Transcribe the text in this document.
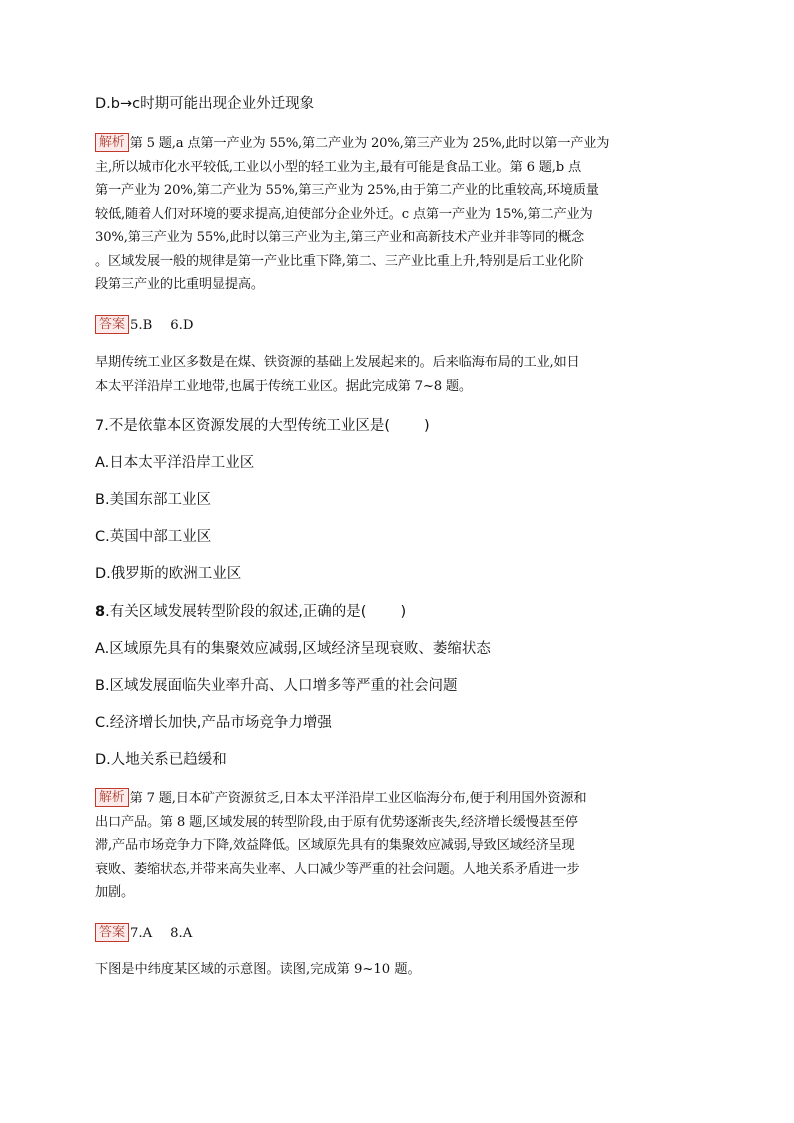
D.b→c时期可能出现企业外迁现象

解析 第 5 题,a 点第一产业为 55%,第二产业为 20%,第三产业为 25%,此时以第一产业为
主,所以城市化水平较低,工业以小型的轻工业为主,最有可能是食品工业。第 6 题,b 点
第一产业为 20%,第二产业为 55%,第三产业为 25%,由于第二产业的比重较高,环境质量
较低,随着人们对环境的要求提高,迫使部分企业外迁。c 点第一产业为 15%,第二产业为
30%,第三产业为 55%,此时以第三产业为主,第三产业和高新技术产业并非等同的概念
。区域发展一般的规律是第一产业比重下降,第二、三产业比重上升,特别是后工业化阶
段第三产业的比重明显提高。

答案 5.B 6.D

早期传统工业区多数是在煤、铁资源的基础上发展起来的。后来临海布局的工业,如日
本太平洋沿岸工业地带,也属于传统工业区。据此完成第 7~8 题。

7.不是依靠本区资源发展的大型传统工业区是( )

A.日本太平洋沿岸工业区

B.美国东部工业区

C.英国中部工业区

D.俄罗斯的欧洲工业区

8.有关区域发展转型阶段的叙述,正确的是( )

A.区域原先具有的集聚效应减弱,区域经济呈现衰败、萎缩状态

B.区域发展面临失业率升高、人口增多等严重的社会问题

C.经济增长加快,产品市场竞争力增强

D.人地关系已趋缓和

解析 第 7 题,日本矿产资源贫乏,日本太平洋沿岸工业区临海分布,便于利用国外资源和
出口产品。第 8 题,区域发展的转型阶段,由于原有优势逐渐丧失,经济增长缓慢甚至停
滞,产品市场竞争力下降,效益降低。区域原先具有的集聚效应减弱,导致区域经济呈现
衰败、萎缩状态,并带来高失业率、人口减少等严重的社会问题。人地关系矛盾进一步
加剧。

答案 7.A 8.A

下图是中纬度某区域的示意图。读图,完成第 9~10 题。
